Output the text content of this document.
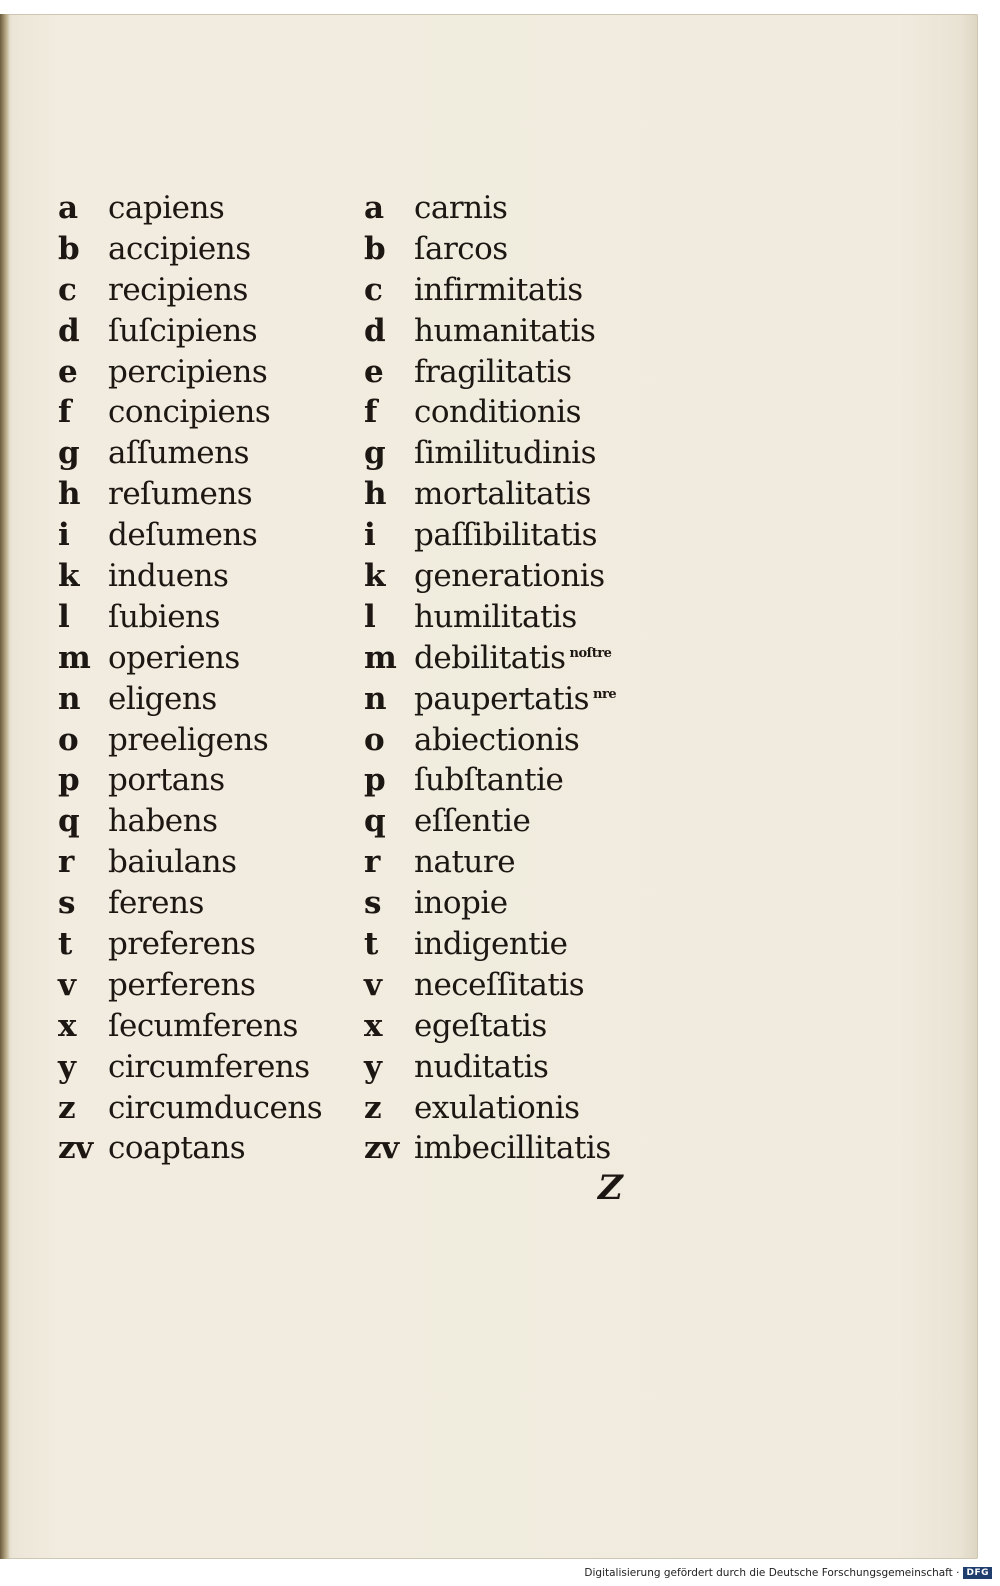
a capiens
b accipiens
c recipiens
d ſuſcipiens
e percipiens
f concipiens
g aſſumens
h reſumens
i deſumens
k induens
l ſubiens
m operiens
n eligens
o preeligens
p portans
q habens
r baiulans
s ferens
t preferens
v perferens
x ſecumferens
y circumferens
z circumducens
zv coaptans
a carnis
b ſarcos
c infirmitatis
d humanitatis
e fragilitatis
f conditionis
g ſimilitudinis
h mortalitatis
i paſſibilitatis
k generationis
l humilitatis
m debilitatis $^{noſtre}$
n paupertatis $^{nre}$
o abiectionis
p ſubſtantie
q eſſentie
r nature
s inopie
t indigentie
v neceſſitatis
x egeſtatis
y nuditatis
z exulationis
zv imbecillitatis
Z
Digitalisierung gefördert durch die Deutsche Forschungsgemeinschaft · DFG
